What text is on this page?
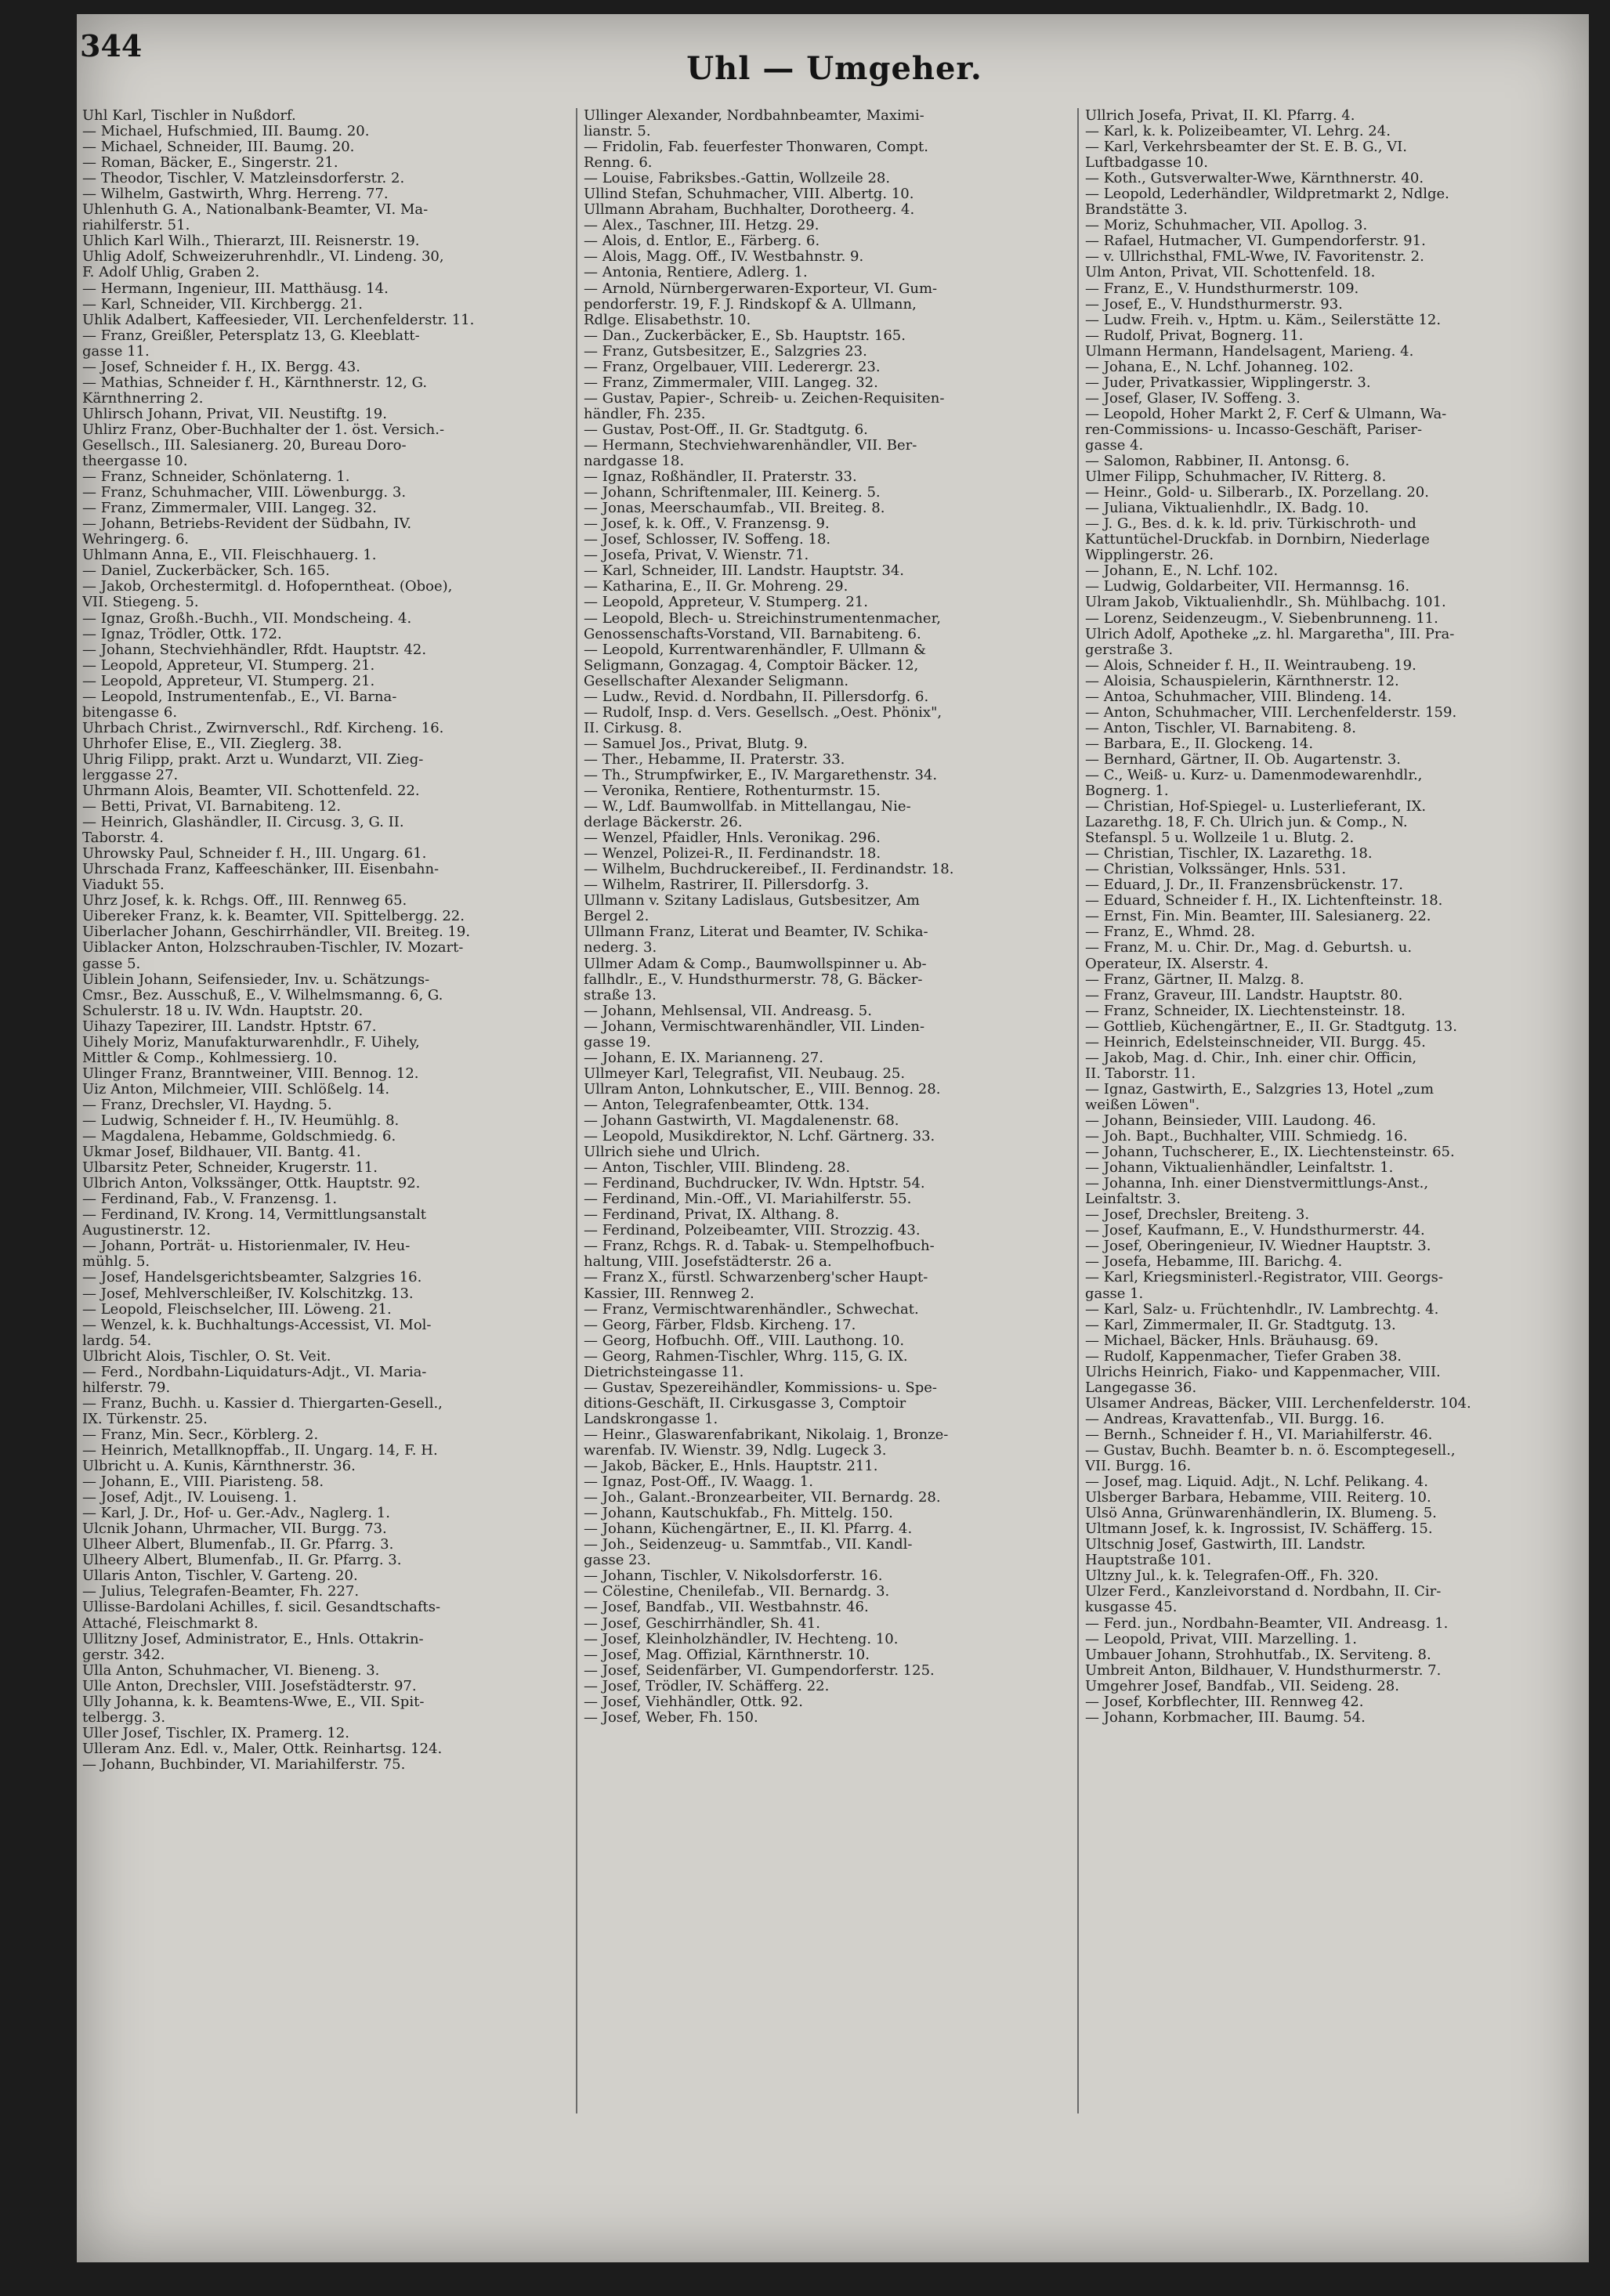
344
Uhl — Umgeher.
Uhl Karl, Tischler in Nußdorf.
— Michael, Hufschmied, III. Baumg. 20.
— Michael, Schneider, III. Baumg. 20.
— Roman, Bäcker, E., Singerstr. 21.
— Theodor, Tischler, V. Matzleinsdorferstr. 2.
— Wilhelm, Gastwirth, Whrg. Herreng. 77.
Uhlenhuth G. A., Nationalbank-Beamter, VI. Ma-
riahilferstr. 51.
Uhlich Karl Wilh., Thierarzt, III. Reisnerstr. 19.
Uhlig Adolf, Schweizeruhrenhdlr., VI. Lindeng. 30,
F. Adolf Uhlig, Graben 2.
— Hermann, Ingenieur, III. Matthäusg. 14.
— Karl, Schneider, VII. Kirchbergg. 21.
Uhlik Adalbert, Kaffeesieder, VII. Lerchenfelderstr. 11.
— Franz, Greißler, Petersplatz 13, G. Kleeblatt-
gasse 11.
— Josef, Schneider f. H., IX. Bergg. 43.
— Mathias, Schneider f. H., Kärnthnerstr. 12, G.
Kärnthnerring 2.
Uhlirsch Johann, Privat, VII. Neustiftg. 19.
Uhlirz Franz, Ober-Buchhalter der 1. öst. Versich.-
Gesellsch., III. Salesianerg. 20, Bureau Doro-
theergasse 10.
— Franz, Schneider, Schönlaterng. 1.
— Franz, Schuhmacher, VIII. Löwenburgg. 3.
— Franz, Zimmermaler, VIII. Langeg. 32.
— Johann, Betriebs-Revident der Südbahn, IV.
Wehringerg. 6.
Uhlmann Anna, E., VII. Fleischhauerg. 1.
— Daniel, Zuckerbäcker, Sch. 165.
— Jakob, Orchestermitgl. d. Hofoperntheat. (Oboe),
VII. Stiegeng. 5.
— Ignaz, Großh.-Buchh., VII. Mondscheing. 4.
— Ignaz, Trödler, Ottk. 172.
— Johann, Stechviehhändler, Rfdt. Hauptstr. 42.
— Leopold, Appreteur, VI. Stumperg. 21.
— Leopold, Appreteur, VI. Stumperg. 21.
— Leopold, Instrumentenfab., E., VI. Barna-
bitengasse 6.
Uhrbach Christ., Zwirnverschl., Rdf. Kircheng. 16.
Uhrhofer Elise, E., VII. Zieglerg. 38.
Uhrig Filipp, prakt. Arzt u. Wundarzt, VII. Zieg-
lerggasse 27.
Uhrmann Alois, Beamter, VII. Schottenfeld. 22.
— Betti, Privat, VI. Barnabiteng. 12.
— Heinrich, Glashändler, II. Circusg. 3, G. II.
Taborstr. 4.
Uhrowsky Paul, Schneider f. H., III. Ungarg. 61.
Uhrschada Franz, Kaffeeschänker, III. Eisenbahn-
Viadukt 55.
Uhrz Josef, k. k. Rchgs. Off., III. Rennweg 65.
Uibereker Franz, k. k. Beamter, VII. Spittelbergg. 22.
Uiberlacher Johann, Geschirrhändler, VII. Breiteg. 19.
Uiblacker Anton, Holzschrauben-Tischler, IV. Mozart-
gasse 5.
Uiblein Johann, Seifensieder, Inv. u. Schätzungs-
Cmsr., Bez. Ausschuß, E., V. Wilhelmsmanng. 6, G.
Schulerstr. 18 u. IV. Wdn. Hauptstr. 20.
Uihazy Tapezirer, III. Landstr. Hptstr. 67.
Uihely Moriz, Manufakturwarenhdlr., F. Uihely,
Mittler & Comp., Kohlmessierg. 10.
Ulinger Franz, Branntweiner, VIII. Bennog. 12.
Uiz Anton, Milchmeier, VIII. Schlößelg. 14.
— Franz, Drechsler, VI. Haydng. 5.
— Ludwig, Schneider f. H., IV. Heumühlg. 8.
— Magdalena, Hebamme, Goldschmiedg. 6.
Ukmar Josef, Bildhauer, VII. Bantg. 41.
Ulbarsitz Peter, Schneider, Krugerstr. 11.
Ulbrich Anton, Volkssänger, Ottk. Hauptstr. 92.
— Ferdinand, Fab., V. Franzensg. 1.
— Ferdinand, IV. Krong. 14, Vermittlungsanstalt
Augustinerstr. 12.
— Johann, Porträt- u. Historienmaler, IV. Heu-
mühlg. 5.
— Josef, Handelsgerichtsbeamter, Salzgries 16.
— Josef, Mehlverschleißer, IV. Kolschitzkg. 13.
— Leopold, Fleischselcher, III. Löweng. 21.
— Wenzel, k. k. Buchhaltungs-Accessist, VI. Mol-
lardg. 54.
Ulbricht Alois, Tischler, O. St. Veit.
— Ferd., Nordbahn-Liquidaturs-Adjt., VI. Maria-
hilferstr. 79.
— Franz, Buchh. u. Kassier d. Thiergarten-Gesell.,
IX. Türkenstr. 25.
— Franz, Min. Secr., Körblerg. 2.
— Heinrich, Metallknopffab., II. Ungarg. 14, F. H.
Ulbricht u. A. Kunis, Kärnthnerstr. 36.
— Johann, E., VIII. Piaristeng. 58.
— Josef, Adjt., IV. Louiseng. 1.
— Karl, J. Dr., Hof- u. Ger.-Adv., Naglerg. 1.
Ulcnik Johann, Uhrmacher, VII. Burgg. 73.
Ulheer Albert, Blumenfab., II. Gr. Pfarrg. 3.
Ulheery Albert, Blumenfab., II. Gr. Pfarrg. 3.
Ullaris Anton, Tischler, V. Garteng. 20.
— Julius, Telegrafen-Beamter, Fh. 227.
Ullisse-Bardolani Achilles, f. sicil. Gesandtschafts-
Attaché, Fleischmarkt 8.
Ullitzny Josef, Administrator, E., Hnls. Ottakrin-
gerstr. 342.
Ulla Anton, Schuhmacher, VI. Bieneng. 3.
Ulle Anton, Drechsler, VIII. Josefstädterstr. 97.
Ully Johanna, k. k. Beamtens-Wwe, E., VII. Spit-
telbergg. 3.
Uller Josef, Tischler, IX. Pramerg. 12.
Ulleram Anz. Edl. v., Maler, Ottk. Reinhartsg. 124.
— Johann, Buchbinder, VI. Mariahilferstr. 75.
Ullinger Alexander, Nordbahnbeamter, Maximi-
lianstr. 5.
— Fridolin, Fab. feuerfester Thonwaren, Compt.
Renng. 6.
— Louise, Fabriksbes.-Gattin, Wollzeile 28.
Ullind Stefan, Schuhmacher, VIII. Albertg. 10.
Ullmann Abraham, Buchhalter, Dorotheerg. 4.
— Alex., Taschner, III. Hetzg. 29.
— Alois, d. Entlor, E., Färberg. 6.
— Alois, Magg. Off., IV. Westbahnstr. 9.
— Antonia, Rentiere, Adlerg. 1.
— Arnold, Nürnbergerwaren-Exporteur, VI. Gum-
pendorferstr. 19, F. J. Rindskopf & A. Ullmann,
Rdlge. Elisabethstr. 10.
— Dan., Zuckerbäcker, E., Sb. Hauptstr. 165.
— Franz, Gutsbesitzer, E., Salzgries 23.
— Franz, Orgelbauer, VIII. Lederergr. 23.
— Franz, Zimmermaler, VIII. Langeg. 32.
— Gustav, Papier-, Schreib- u. Zeichen-Requisiten-
händler, Fh. 235.
— Gustav, Post-Off., II. Gr. Stadtgutg. 6.
— Hermann, Stechviehwarenhändler, VII. Ber-
nardgasse 18.
— Ignaz, Roßhändler, II. Praterstr. 33.
— Johann, Schriftenmaler, III. Keinerg. 5.
— Jonas, Meerschaumfab., VII. Breiteg. 8.
— Josef, k. k. Off., V. Franzensg. 9.
— Josef, Schlosser, IV. Soffeng. 18.
— Josefa, Privat, V. Wienstr. 71.
— Karl, Schneider, III. Landstr. Hauptstr. 34.
— Katharina, E., II. Gr. Mohreng. 29.
— Leopold, Appreteur, V. Stumperg. 21.
— Leopold, Blech- u. Streichinstrumentenmacher,
Genossenschafts-Vorstand, VII. Barnabiteng. 6.
— Leopold, Kurrentwarenhändler, F. Ullmann &
Seligmann, Gonzagag. 4, Comptoir Bäcker. 12,
Gesellschafter Alexander Seligmann.
— Ludw., Revid. d. Nordbahn, II. Pillersdorfg. 6.
— Rudolf, Insp. d. Vers. Gesellsch. „Oest. Phönix",
II. Cirkusg. 8.
— Samuel Jos., Privat, Blutg. 9.
— Ther., Hebamme, II. Praterstr. 33.
— Th., Strumpfwirker, E., IV. Margarethenstr. 34.
— Veronika, Rentiere, Rothenturmstr. 15.
— W., Ldf. Baumwollfab. in Mittellangau, Nie-
derlage Bäckerstr. 26.
— Wenzel, Pfaidler, Hnls. Veronikag. 296.
— Wenzel, Polizei-R., II. Ferdinandstr. 18.
— Wilhelm, Buchdruckereibef., II. Ferdinandstr. 18.
— Wilhelm, Rastrirer, II. Pillersdorfg. 3.
Ullmann v. Szitany Ladislaus, Gutsbesitzer, Am
Bergel 2.
Ullmann Franz, Literat und Beamter, IV. Schika-
nederg. 3.
Ullmer Adam & Comp., Baumwollspinner u. Ab-
fallhdlr., E., V. Hundsthurmerstr. 78, G. Bäcker-
straße 13.
— Johann, Mehlsensal, VII. Andreasg. 5.
— Johann, Vermischtwarenhändler, VII. Linden-
gasse 19.
— Johann, E. IX. Marianneng. 27.
Ullmeyer Karl, Telegrafist, VII. Neubaug. 25.
Ullram Anton, Lohnkutscher, E., VIII. Bennog. 28.
— Anton, Telegrafenbeamter, Ottk. 134.
— Johann Gastwirth, VI. Magdalenenstr. 68.
— Leopold, Musikdirektor, N. Lchf. Gärtnerg. 33.
Ullrich siehe und Ulrich.
— Anton, Tischler, VIII. Blindeng. 28.
— Ferdinand, Buchdrucker, IV. Wdn. Hptstr. 54.
— Ferdinand, Min.-Off., VI. Mariahilferstr. 55.
— Ferdinand, Privat, IX. Althang. 8.
— Ferdinand, Polzeibeamter, VIII. Strozzig. 43.
— Franz, Rchgs. R. d. Tabak- u. Stempelhofbuch-
haltung, VIII. Josefstädterstr. 26 a.
— Franz X., fürstl. Schwarzenberg'scher Haupt-
Kassier, III. Rennweg 2.
— Franz, Vermischtwarenhändler., Schwechat.
— Georg, Färber, Fldsb. Kircheng. 17.
— Georg, Hofbuchh. Off., VIII. Lauthong. 10.
— Georg, Rahmen-Tischler, Whrg. 115, G. IX.
Dietrichsteingasse 11.
— Gustav, Spezereihändler, Kommissions- u. Spe-
ditions-Geschäft, II. Cirkusgasse 3, Comptoir
Landskrongasse 1.
— Heinr., Glaswarenfabrikant, Nikolaig. 1, Bronze-
warenfab. IV. Wienstr. 39, Ndlg. Lugeck 3.
— Jakob, Bäcker, E., Hnls. Hauptstr. 211.
— Ignaz, Post-Off., IV. Waagg. 1.
— Joh., Galant.-Bronzearbeiter, VII. Bernardg. 28.
— Johann, Kautschukfab., Fh. Mittelg. 150.
— Johann, Küchengärtner, E., II. Kl. Pfarrg. 4.
— Joh., Seidenzeug- u. Sammtfab., VII. Kandl-
gasse 23.
— Johann, Tischler, V. Nikolsdorferstr. 16.
— Cölestine, Chenilefab., VII. Bernardg. 3.
— Josef, Bandfab., VII. Westbahnstr. 46.
— Josef, Geschirrhändler, Sh. 41.
— Josef, Kleinholzhändler, IV. Hechteng. 10.
— Josef, Mag. Offizial, Kärnthnerstr. 10.
— Josef, Seidenfärber, VI. Gumpendorferstr. 125.
— Josef, Trödler, IV. Schäfferg. 22.
— Josef, Viehhändler, Ottk. 92.
— Josef, Weber, Fh. 150.
Ullrich Josefa, Privat, II. Kl. Pfarrg. 4.
— Karl, k. k. Polizeibeamter, VI. Lehrg. 24.
— Karl, Verkehrsbeamter der St. E. B. G., VI.
Luftbadgasse 10.
— Koth., Gutsverwalter-Wwe, Kärnthnerstr. 40.
— Leopold, Lederhändler, Wildpretmarkt 2, Ndlge.
Brandstätte 3.
— Moriz, Schuhmacher, VII. Apollog. 3.
— Rafael, Hutmacher, VI. Gumpendorferstr. 91.
— v. Ullrichsthal, FML-Wwe, IV. Favoritenstr. 2.
Ulm Anton, Privat, VII. Schottenfeld. 18.
— Franz, E., V. Hundsthurmerstr. 109.
— Josef, E., V. Hundsthurmerstr. 93.
— Ludw. Freih. v., Hptm. u. Käm., Seilerstätte 12.
— Rudolf, Privat, Bognerg. 11.
Ulmann Hermann, Handelsagent, Marieng. 4.
— Johana, E., N. Lchf. Johanneg. 102.
— Juder, Privatkassier, Wipplingerstr. 3.
— Josef, Glaser, IV. Soffeng. 3.
— Leopold, Hoher Markt 2, F. Cerf & Ulmann, Wa-
ren-Commissions- u. Incasso-Geschäft, Pariser-
gasse 4.
— Salomon, Rabbiner, II. Antonsg. 6.
Ulmer Filipp, Schuhmacher, IV. Ritterg. 8.
— Heinr., Gold- u. Silberarb., IX. Porzellang. 20.
— Juliana, Viktualienhdlr., IX. Badg. 10.
— J. G., Bes. d. k. k. ld. priv. Türkischroth- und
Kattuntüchel-Druckfab. in Dornbirn, Niederlage
Wipplingerstr. 26.
— Johann, E., N. Lchf. 102.
— Ludwig, Goldarbeiter, VII. Hermannsg. 16.
Ulram Jakob, Viktualienhdlr., Sh. Mühlbachg. 101.
— Lorenz, Seidenzeugm., V. Siebenbrunneng. 11.
Ulrich Adolf, Apotheke „z. hl. Margaretha", III. Pra-
gerstraße 3.
— Alois, Schneider f. H., II. Weintraubeng. 19.
— Aloisia, Schauspielerin, Kärnthnerstr. 12.
— Antoa, Schuhmacher, VIII. Blindeng. 14.
— Anton, Schuhmacher, VIII. Lerchenfelderstr. 159.
— Anton, Tischler, VI. Barnabiteng. 8.
— Barbara, E., II. Glockeng. 14.
— Bernhard, Gärtner, II. Ob. Augartenstr. 3.
— C., Weiß- u. Kurz- u. Damenmodewarenhdlr.,
Bognerg. 1.
— Christian, Hof-Spiegel- u. Lusterlieferant, IX.
Lazarethg. 18, F. Ch. Ulrich jun. & Comp., N.
Stefanspl. 5 u. Wollzeile 1 u. Blutg. 2.
— Christian, Tischler, IX. Lazarethg. 18.
— Christian, Volkssänger, Hnls. 531.
— Eduard, J. Dr., II. Franzensbrückenstr. 17.
— Eduard, Schneider f. H., IX. Lichtenfteinstr. 18.
— Ernst, Fin. Min. Beamter, III. Salesianerg. 22.
— Franz, E., Whmd. 28.
— Franz, M. u. Chir. Dr., Mag. d. Geburtsh. u.
Operateur, IX. Alserstr. 4.
— Franz, Gärtner, II. Malzg. 8.
— Franz, Graveur, III. Landstr. Hauptstr. 80.
— Franz, Schneider, IX. Liechtensteinstr. 18.
— Gottlieb, Küchengärtner, E., II. Gr. Stadtgutg. 13.
— Heinrich, Edelsteinschneider, VII. Burgg. 45.
— Jakob, Mag. d. Chir., Inh. einer chir. Officin,
II. Taborstr. 11.
— Ignaz, Gastwirth, E., Salzgries 13, Hotel „zum
weißen Löwen".
— Johann, Beinsieder, VIII. Laudong. 46.
— Joh. Bapt., Buchhalter, VIII. Schmiedg. 16.
— Johann, Tuchscherer, E., IX. Liechtensteinstr. 65.
— Johann, Viktualienhändler, Leinfaltstr. 1.
— Johanna, Inh. einer Dienstvermittlungs-Anst.,
Leinfaltstr. 3.
— Josef, Drechsler, Breiteng. 3.
— Josef, Kaufmann, E., V. Hundsthurmerstr. 44.
— Josef, Oberingenieur, IV. Wiedner Hauptstr. 3.
— Josefa, Hebamme, III. Barichg. 4.
— Karl, Kriegsministerl.-Registrator, VIII. Georgs-
gasse 1.
— Karl, Salz- u. Früchtenhdlr., IV. Lambrechtg. 4.
— Karl, Zimmermaler, II. Gr. Stadtgutg. 13.
— Michael, Bäcker, Hnls. Bräuhausg. 69.
— Rudolf, Kappenmacher, Tiefer Graben 38.
Ulrichs Heinrich, Fiako- und Kappenmacher, VIII.
Langegasse 36.
Ulsamer Andreas, Bäcker, VIII. Lerchenfelderstr. 104.
— Andreas, Kravattenfab., VII. Burgg. 16.
— Bernh., Schneider f. H., VI. Mariahilferstr. 46.
— Gustav, Buchh. Beamter b. n. ö. Escomptegesell.,
VII. Burgg. 16.
— Josef, mag. Liquid. Adjt., N. Lchf. Pelikang. 4.
Ulsberger Barbara, Hebamme, VIII. Reiterg. 10.
Ulsö Anna, Grünwarenhändlerin, IX. Blumeng. 5.
Ultmann Josef, k. k. Ingrossist, IV. Schäfferg. 15.
Ultschnig Josef, Gastwirth, III. Landstr.
Hauptstraße 101.
Ultzny Jul., k. k. Telegrafen-Off., Fh. 320.
Ulzer Ferd., Kanzleivorstand d. Nordbahn, II. Cir-
kusgasse 45.
— Ferd. jun., Nordbahn-Beamter, VII. Andreasg. 1.
— Leopold, Privat, VIII. Marzelling. 1.
Umbauer Johann, Strohhutfab., IX. Serviteng. 8.
Umbreit Anton, Bildhauer, V. Hundsthurmerstr. 7.
Umgehrer Josef, Bandfab., VII. Seideng. 28.
— Josef, Korbflechter, III. Rennweg 42.
— Johann, Korbmacher, III. Baumg. 54.
